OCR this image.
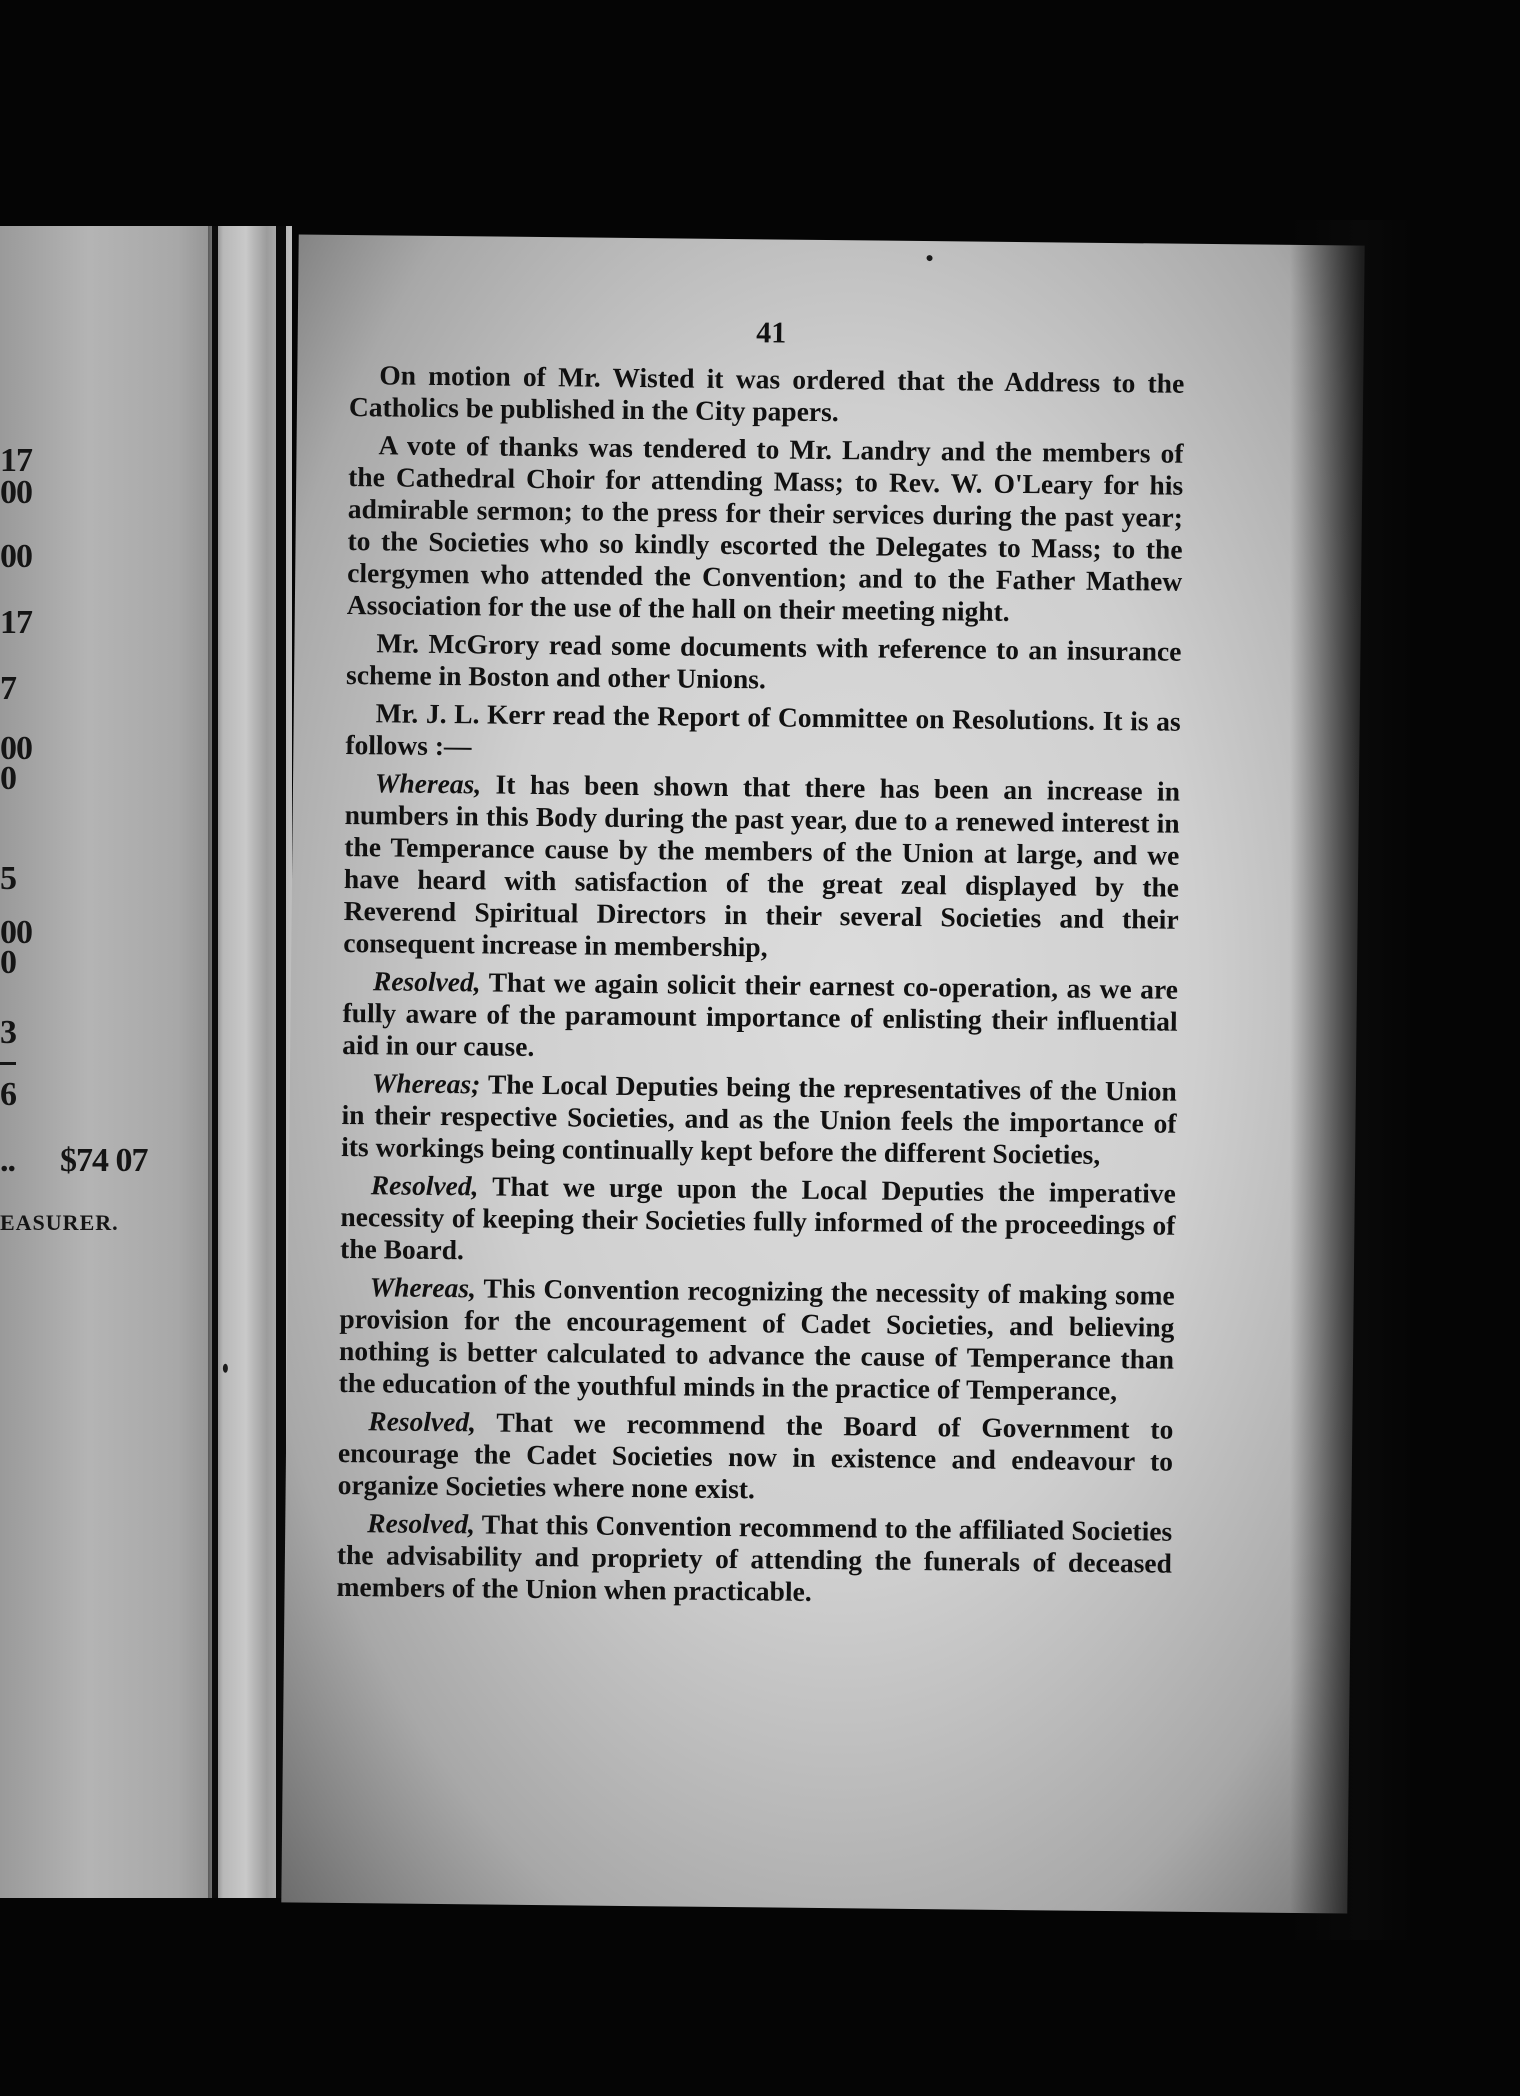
17
00
00
17
7
00
0
5
00
0
3
6
.. $74 07
EASURER.
41

On motion of Mr. Wisted it was ordered that the Address to the Catholics be published in the City papers.

A vote of thanks was tendered to Mr. Landry and the members of the Cathedral Choir for attending Mass; to Rev. W. O'Leary for his admirable sermon; to the press for their services during the past year; to the Societies who so kindly escorted the Delegates to Mass; to the clergymen who attended the Convention; and to the Father Mathew Association for the use of the hall on their meeting night.

Mr. McGrory read some documents with reference to an insurance scheme in Boston and other Unions.

Mr. J. L. Kerr read the Report of Committee on Resolutions. It is as follows :—

Whereas, It has been shown that there has been an increase in numbers in this Body during the past year, due to a renewed interest in the Temperance cause by the members of the Union at large, and we have heard with satisfaction of the great zeal displayed by the Reverend Spiritual Directors in their several Societies and their consequent increase in membership,

Resolved, That we again solicit their earnest co-operation, as we are fully aware of the paramount importance of enlisting their influential aid in our cause.

Whereas; The Local Deputies being the representatives of the Union in their respective Societies, and as the Union feels the importance of its workings being continually kept before the different Societies,

Resolved, That we urge upon the Local Deputies the imperative necessity of keeping their Societies fully informed of the proceedings of the Board.

Whereas, This Convention recognizing the necessity of making some provision for the encouragement of Cadet Societies, and believing nothing is better calculated to advance the cause of Temperance than the education of the youthful minds in the practice of Temperance,

Resolved, That we recommend the Board of Government to encourage the Cadet Societies now in existence and endeavour to organize Societies where none exist.

Resolved, That this Convention recommend to the affiliated Societies the advisability and propriety of attending the funerals of deceased members of the Union when practicable.
